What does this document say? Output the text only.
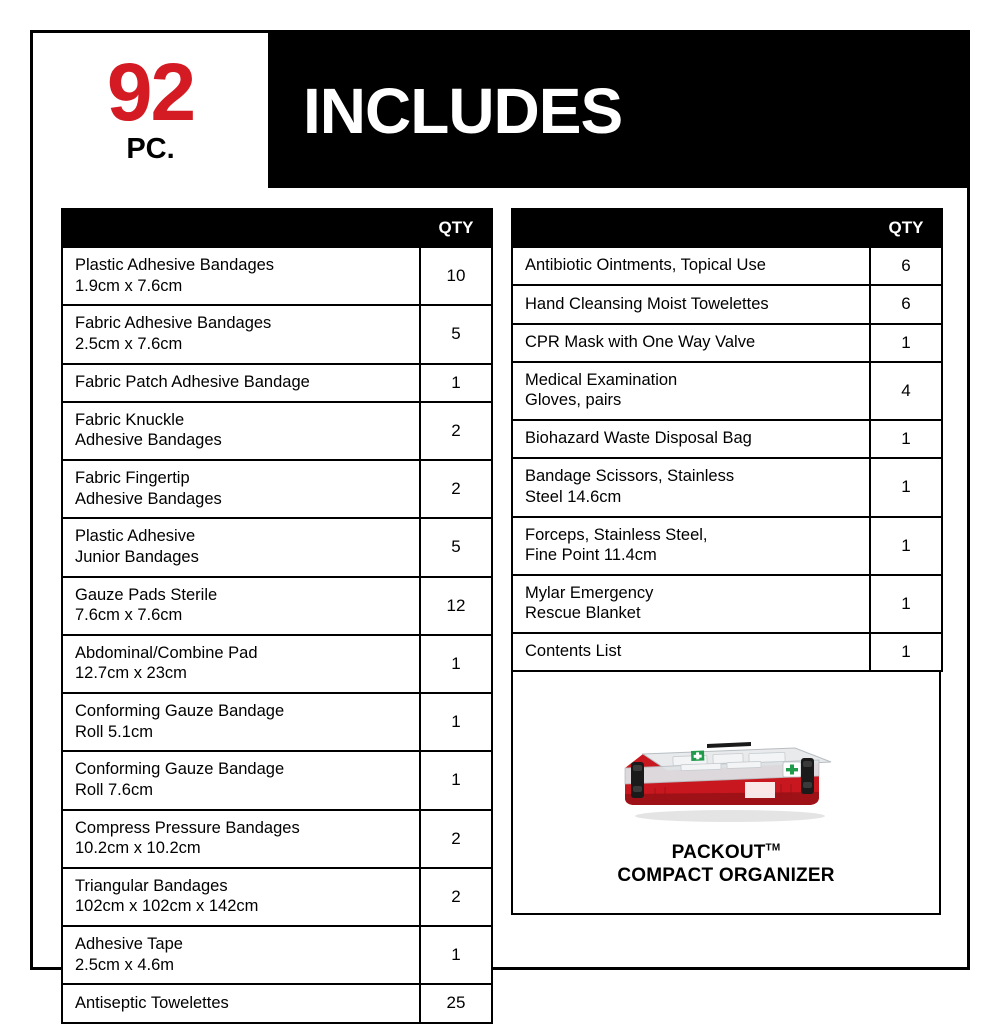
92
PC.
INCLUDES
	QTY
Plastic Adhesive Bandages
1.9cm x 7.6cm	10
Fabric Adhesive Bandages
2.5cm x 7.6cm	5
Fabric Patch Adhesive Bandage	1
Fabric Knuckle
Adhesive Bandages	2
Fabric Fingertip
Adhesive Bandages	2
Plastic Adhesive
Junior Bandages	5
Gauze Pads Sterile
7.6cm x 7.6cm	12
Abdominal/Combine Pad
12.7cm x 23cm	1
Conforming Gauze Bandage
Roll 5.1cm	1
Conforming Gauze Bandage
Roll 7.6cm	1
Compress Pressure Bandages
10.2cm x 10.2cm	2
Triangular Bandages
102cm x 102cm x 142cm	2
Adhesive Tape
2.5cm x 4.6m	1
Antiseptic Towelettes	25
	QTY
Antibiotic Ointments, Topical Use	6
Hand Cleansing Moist Towelettes	6
CPR Mask with One Way Valve	1
Medical Examination
Gloves, pairs	4
Biohazard Waste Disposal Bag	1
Bandage Scissors, Stainless
Steel 14.6cm	1
Forceps, Stainless Steel,
Fine Point 11.4cm	1
Mylar Emergency
Rescue Blanket	1
Contents List	1
PACKOUT™
COMPACT ORGANIZER
